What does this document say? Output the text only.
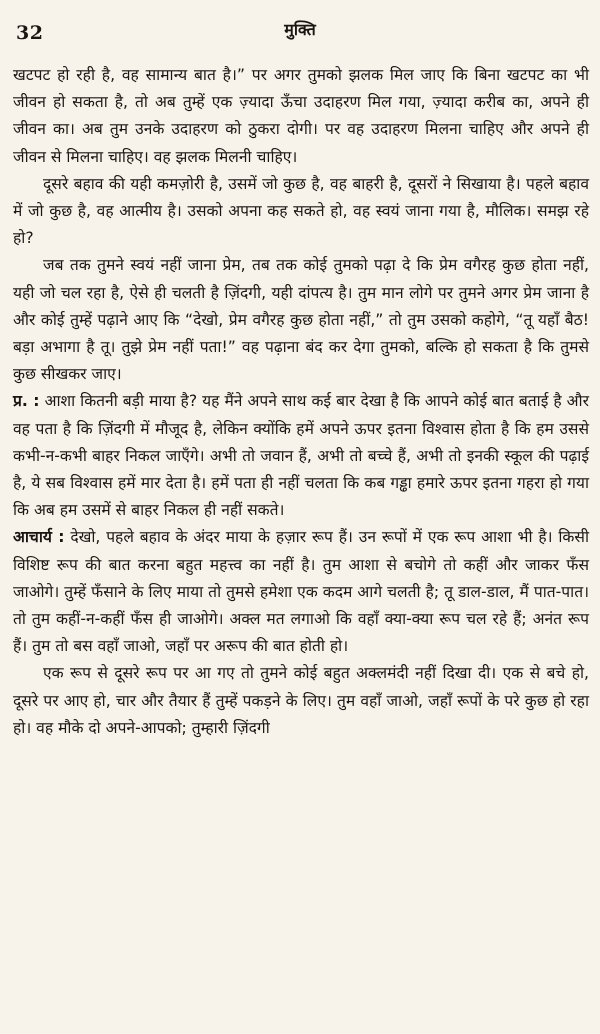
32	मुक्ति

खटपट हो रही है, वह सामान्य बात है।” पर अगर तुमको झलक मिल जाए कि बिना खटपट का भी जीवन हो सकता है, तो अब तुम्हें एक ज़्यादा ऊँचा उदाहरण मिल गया, ज़्यादा करीब का, अपने ही जीवन का। अब तुम उनके उदाहरण को ठुकरा दोगी। पर वह उदाहरण मिलना चाहिए और अपने ही जीवन से मिलना चाहिए। वह झलक मिलनी चाहिए।

दूसरे बहाव की यही कमज़ोरी है, उसमें जो कुछ है, वह बाहरी है, दूसरों ने सिखाया है। पहले बहाव में जो कुछ है, वह आत्मीय है। उसको अपना कह सकते हो, वह स्वयं जाना गया है, मौलिक। समझ रहे हो?

जब तक तुमने स्वयं नहीं जाना प्रेम, तब तक कोई तुमको पढ़ा दे कि प्रेम वगैरह कुछ होता नहीं, यही जो चल रहा है, ऐसे ही चलती है ज़िंदगी, यही दांपत्य है। तुम मान लोगे पर तुमने अगर प्रेम जाना है और कोई तुम्हें पढ़ाने आए कि “देखो, प्रेम वगैरह कुछ होता नहीं,” तो तुम उसको कहोगे, “तू यहाँ बैठ! बड़ा अभागा है तू। तुझे प्रेम नहीं पता!” वह पढ़ाना बंद कर देगा तुमको, बल्कि हो सकता है कि तुमसे कुछ सीखकर जाए।

प्र. : आशा कितनी बड़ी माया है? यह मैंने अपने साथ कई बार देखा है कि आपने कोई बात बताई है और वह पता है कि ज़िंदगी में मौजूद है, लेकिन क्योंकि हमें अपने ऊपर इतना विश्वास होता है कि हम उससे कभी-न-कभी बाहर निकल जाएँगे। अभी तो जवान हैं, अभी तो बच्चे हैं, अभी तो इनकी स्कूल की पढ़ाई है, ये सब विश्वास हमें मार देता है। हमें पता ही नहीं चलता कि कब गड्ढा हमारे ऊपर इतना गहरा हो गया कि अब हम उसमें से बाहर निकल ही नहीं सकते।

आचार्य : देखो, पहले बहाव के अंदर माया के हज़ार रूप हैं। उन रूपों में एक रूप आशा भी है। किसी विशिष्ट रूप की बात करना बहुत महत्त्व का नहीं है। तुम आशा से बचोगे तो कहीं और जाकर फँस जाओगे। तुम्हें फँसाने के लिए माया तो तुमसे हमेशा एक कदम आगे चलती है; तू डाल-डाल, मैं पात-पात। तो तुम कहीं-न-कहीं फँस ही जाओगे। अक्ल मत लगाओ कि वहाँ क्या-क्या रूप चल रहे हैं; अनंत रूप हैं। तुम तो बस वहाँ जाओ, जहाँ पर अरूप की बात होती हो।

एक रूप से दूसरे रूप पर आ गए तो तुमने कोई बहुत अक्लमंदी नहीं दिखा दी। एक से बचे हो, दूसरे पर आए हो, चार और तैयार हैं तुम्हें पकड़ने के लिए। तुम वहाँ जाओ, जहाँ रूपों के परे कुछ हो रहा हो। वह मौके दो अपने-आपको; तुम्हारी ज़िंदगी
